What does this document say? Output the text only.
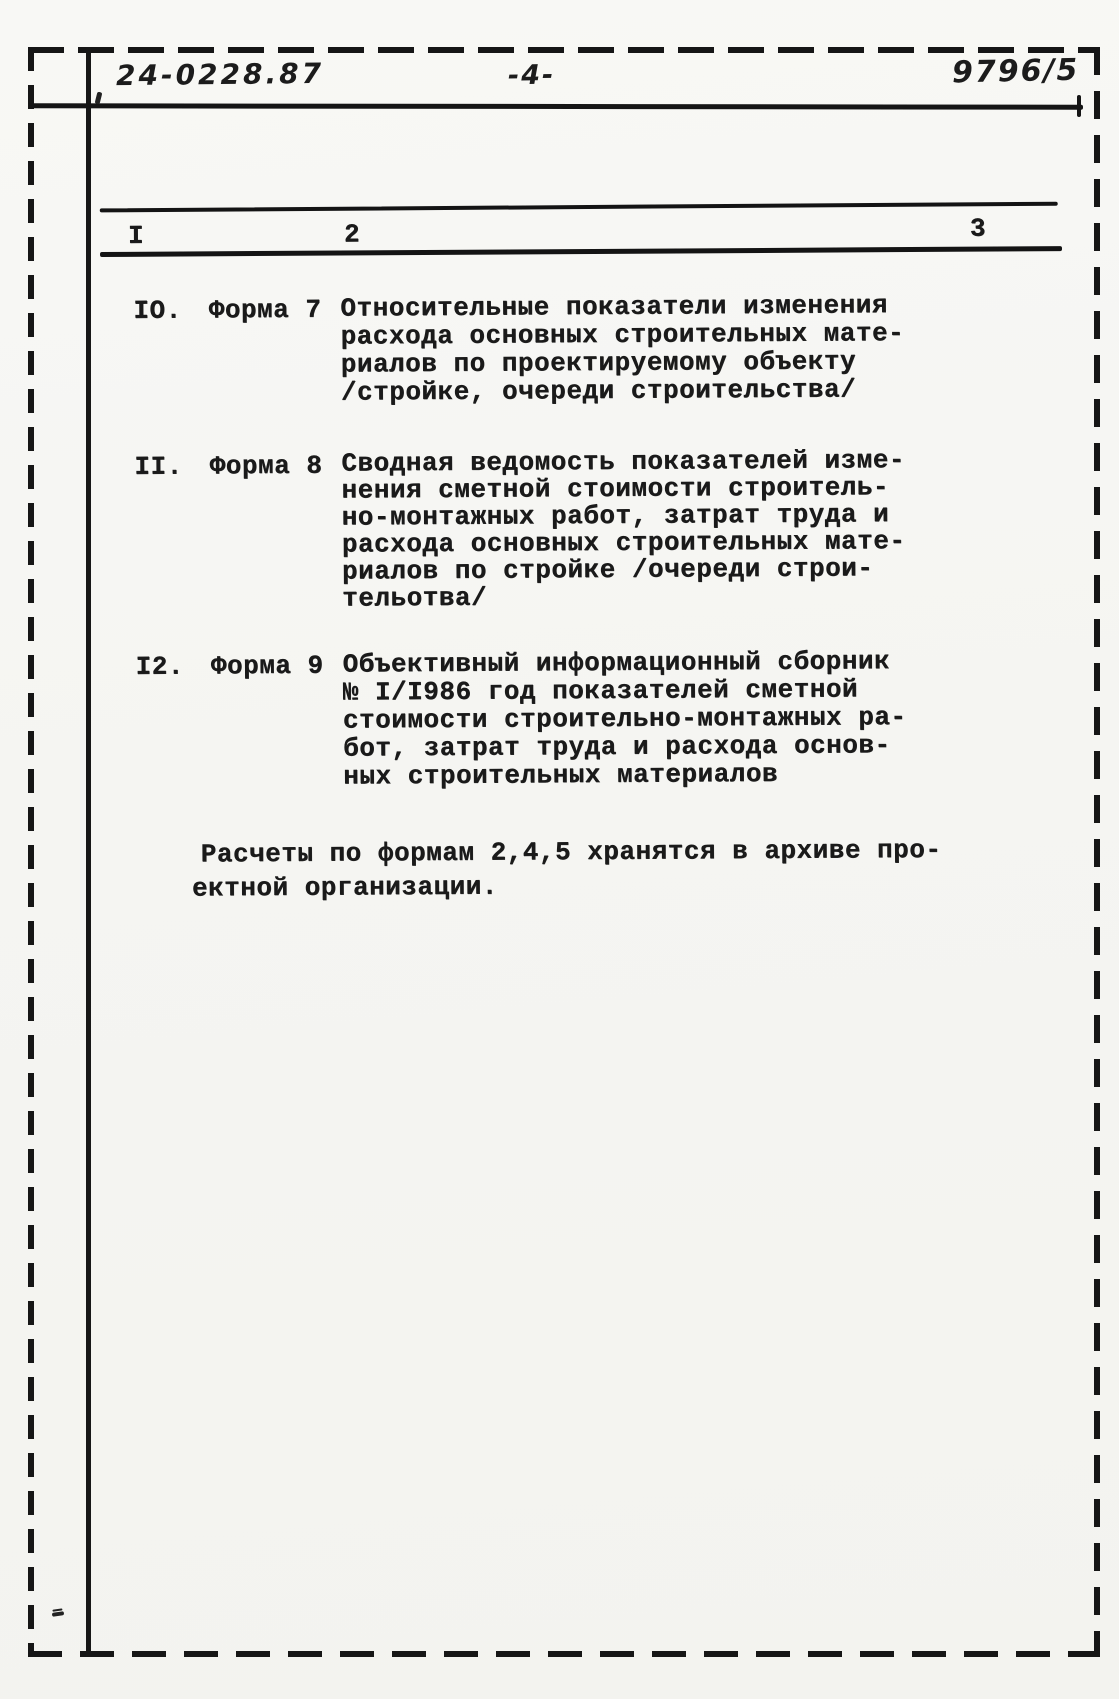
24-0228.87	-4-	9796/5
I	2	3
IO. Форма 7 Относительные показатели изменения
расхода основных строительных мате-
риалов по проектируемому объекту
/стройке, очереди строительства/
II. Форма 8 Сводная ведомость показателей изме-
нения сметной стоимости строитель-
но-монтажных работ, затрат труда и
расхода основных строительных мате-
риалов по стройке /очереди строи-
тельотва/
I2. Форма 9 Объективный информационный сборник
№ I/I986 год показателей сметной
стоимости строительно-монтажных ра-
бот, затрат труда и расхода основ-
ных строительных материалов
Расчеты по формам 2,4,5 хранятся в архиве про-
ектной организации.
